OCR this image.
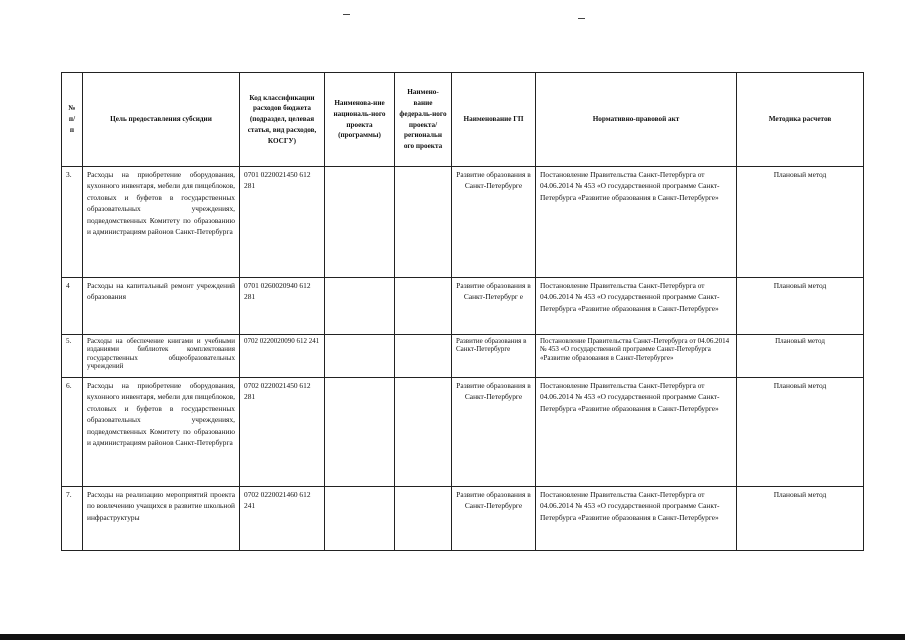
№ п/ п	Цель предоставления субсидии	Код классификации расходов бюджета (подраздел, целевая статья, вид расходов, КОСГУ)	Наименова-ние националь-ного проекта (программы)	Наимено-вание федераль-ного проекта/ региональн ого проекта	Наименование ГП	Нормативно-правовой акт	Методика расчетов
3.	Расходы на приобретение оборудования, кухонного инвентаря, мебели для пищеблоков, столовых и буфетов в государственных образовательных учреждениях, подведомственных Комитету по образованию и администрациям районов Санкт-Петербурга	0701 0220021450 612 281			Развитие образования в Санкт-Петербурге	Постановление Правительства Санкт-Петербурга от 04.06.2014 № 453 «О государственной программе Санкт-Петербурга «Развитие образования в Санкт-Петербурге»	Плановый метод
4	Расходы на капитальный ремонт учреждений образования	0701 0260020940 612 281			Развитие образования в Санкт-Петербург е	Постановление Правительства Санкт-Петербурга от 04.06.2014 № 453 «О государственной программе Санкт-Петербурга «Развитие образования в Санкт-Петербурге»	Плановый метод
5.	Расходы на обеспечение книгами и учебными изданиями библиотек комплектования государственных общеобразовательных учреждений	0702 0220020090 612 241			Развитие образования в Санкт-Петербурге	Постановление Правительства Санкт-Петербурга от 04.06.2014 № 453 «О государственной программе Санкт-Петербурга «Развитие образования в Санкт-Петербурге»	Плановый метод
6.	Расходы на приобретение оборудования, кухонного инвентаря, мебели для пищеблоков, столовых и буфетов в государственных образовательных учреждениях, подведомственных Комитету по образованию и администрациям районов Санкт-Петербурга	0702 0220021450 612 281			Развитие образования в Санкт-Петербурге	Постановление Правительства Санкт-Петербурга от 04.06.2014 № 453 «О государственной программе Санкт-Петербурга «Развитие образования в Санкт-Петербурге»	Плановый метод
7.	Расходы на реализацию мероприятий проекта по вовлечению учащихся в развитие школьной инфраструктуры	0702 0220021460 612 241			Развитие образования в Санкт-Петербурге	Постановление Правительства Санкт-Петербурга от 04.06.2014 № 453 «О государственной программе Санкт-Петербурга «Развитие образования в Санкт-Петербурге»	Плановый метод
